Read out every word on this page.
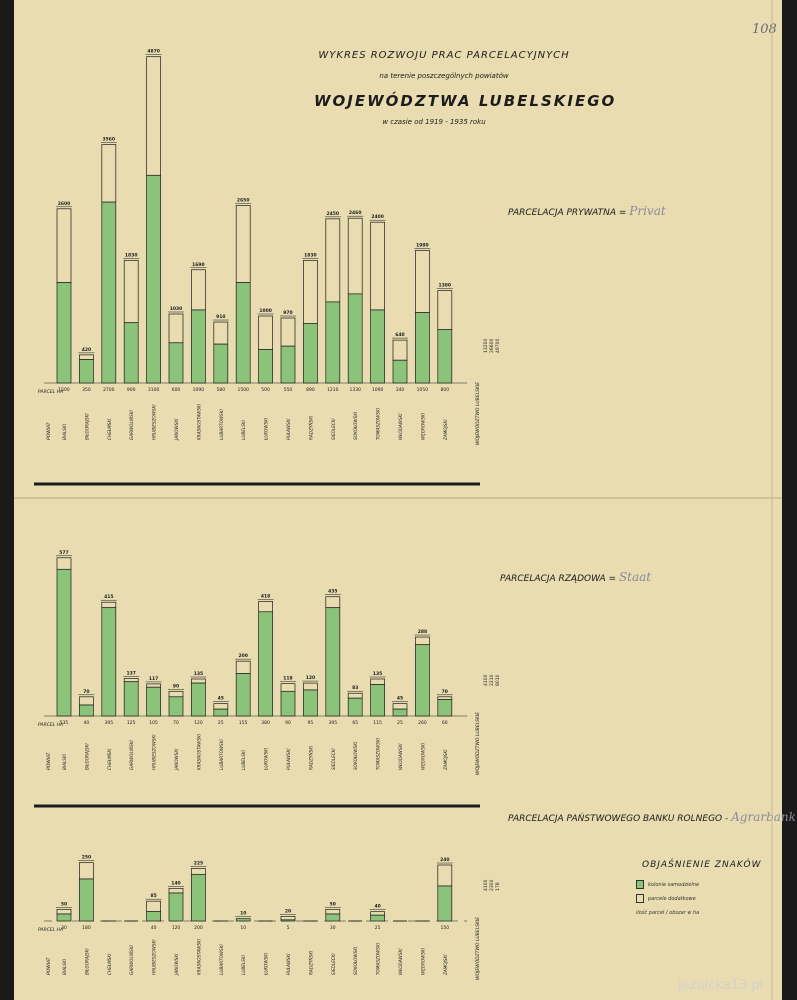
WYKRES ROZWOJU PRAC PARCELACYJNYCH
na terenie poszczególnych powiatów
WOJEWÓDZTWA LUBELSKIEGO
w czasie od 1919 - 1935 roku
108
PARCELACJA PRYWATNA = Privat
PARCELACJA RZĄDOWA = Staat
PARCELACJA PAŃSTWOWEGO BANKU ROLNEGO - Agrarbank
OBJAŚNIENIE ZNAKÓW
kolonie samodzielne
parcele dodatkowe
ilość parcel / obszar w ha
PARCEL HA
POWIAT
2600
1500
BIALSKI
420
350
BIŁGORAJSKI
3560
2700
CHEŁMSKI
1830
900
GARWOLIŃSKI
4870
3100
HRUBIESZOWSKI
1030
600
JANOWSKI
1690
1090
KRASNOSTAWSKI
910
580
LUBARTOWSKI
2650
1500
LUBELSKI
1000
500
ŁUKOWSKI
970
550
PUŁAWSKI
1830
890
RADZYŃSKI
2450
1210
SIEDLECKI
2460
1330
SOKOŁOWSKI
2400
1090
TOMASZOWSKI
640
340
WŁODAWSKI
1980
1050
WĘGROWSKI
1380
800
ZAMOJSKI	WOJEWÓDZTWO LUBELSKIE
13200 26600 49700
PARCEL HA
POWIAT
577
535
BIALSKI
70
40
BIŁGORAJSKI
415
395
CHEŁMSKI
137
125
GARWOLIŃSKI
117
105
HRUBIESZOWSKI
90
70
JANOWSKI
135
120
KRASNOSTAWSKI
45
25
LUBARTOWSKI
200
155
LUBELSKI
418
380
ŁUKOWSKI
118
90
PUŁAWSKI
120
95
RADZYŃSKI
435
395
SIEDLECKI
83
65
SOKOŁOWSKI
135
115
TOMASZOWSKI
45
25
WŁODAWSKI
288
260
WĘGROWSKI
70
60
ZAMOJSKI	WOJEWÓDZTWO LUBELSKIE
4100 2210 8010
PARCEL HA
POWIAT
50
30
BIALSKI
250
180
BIŁGORAJSKI	CHEŁMSKI	GARWOLIŃSKI
85
40
HRUBIESZOWSKI
140
120
JANOWSKI
225
200
KRASNOSTAWSKI	LUBARTOWSKI
10
10
LUBELSKI	ŁUKOWSKI
20
5
PUŁAWSKI	RADZYŃSKI
50
30
SIEDLECKI	SOKOŁOWSKI
40
25
TOMASZOWSKI	WŁODAWSKI	WĘGROWSKI
240
150
ZAMOJSKI	WOJEWÓDZTWO LUBELSKIE
4100 2300 178
jezuicka13.pl
